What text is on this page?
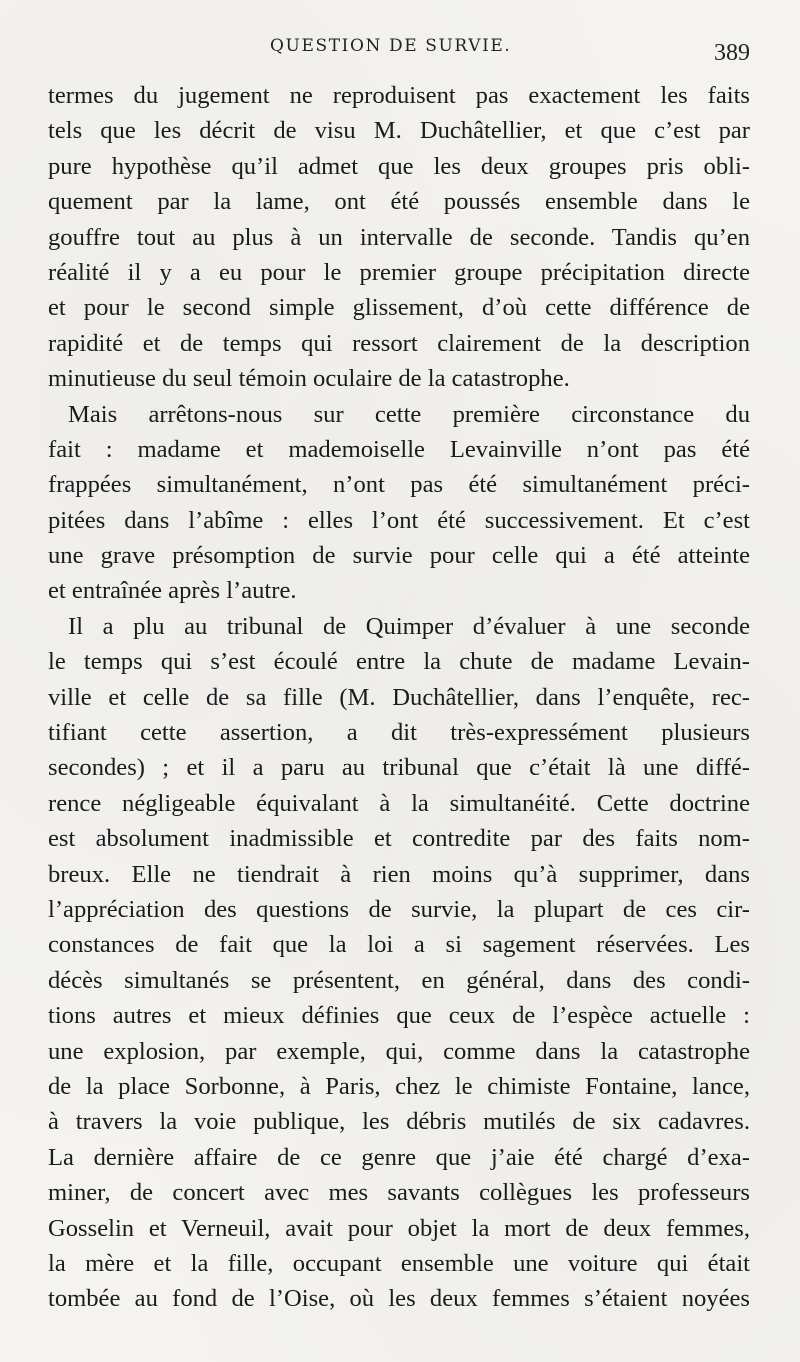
QUESTION DE SURVIE.	389
termes du jugement ne reproduisent pas exactement les faits
tels que les décrit de visu M. Duchâtellier, et que c’est par
pure hypothèse qu’il admet que les deux groupes pris obli-
quement par la lame, ont été poussés ensemble dans le
gouffre tout au plus à un intervalle de seconde. Tandis qu’en
réalité il y a eu pour le premier groupe précipitation directe
et pour le second simple glissement, d’où cette différence de
rapidité et de temps qui ressort clairement de la description
minutieuse du seul témoin oculaire de la catastrophe.
Mais arrêtons-nous sur cette première circonstance du
fait : madame et mademoiselle Levainville n’ont pas été
frappées simultanément, n’ont pas été simultanément préci-
pitées dans l’abîme : elles l’ont été successivement. Et c’est
une grave présomption de survie pour celle qui a été atteinte
et entraînée après l’autre.
Il a plu au tribunal de Quimper d’évaluer à une seconde
le temps qui s’est écoulé entre la chute de madame Levain-
ville et celle de sa fille (M. Duchâtellier, dans l’enquête, rec-
tifiant cette assertion, a dit très-expressément plusieurs
secondes) ; et il a paru au tribunal que c’était là une diffé-
rence négligeable équivalant à la simultanéité. Cette doctrine
est absolument inadmissible et contredite par des faits nom-
breux. Elle ne tiendrait à rien moins qu’à supprimer, dans
l’appréciation des questions de survie, la plupart de ces cir-
constances de fait que la loi a si sagement réservées. Les
décès simultanés se présentent, en général, dans des condi-
tions autres et mieux définies que ceux de l’espèce actuelle :
une explosion, par exemple, qui, comme dans la catastrophe
de la place Sorbonne, à Paris, chez le chimiste Fontaine, lance,
à travers la voie publique, les débris mutilés de six cadavres.
La dernière affaire de ce genre que j’aie été chargé d’exa-
miner, de concert avec mes savants collègues les professeurs
Gosselin et Verneuil, avait pour objet la mort de deux femmes,
la mère et la fille, occupant ensemble une voiture qui était
tombée au fond de l’Oise, où les deux femmes s’étaient noyées
